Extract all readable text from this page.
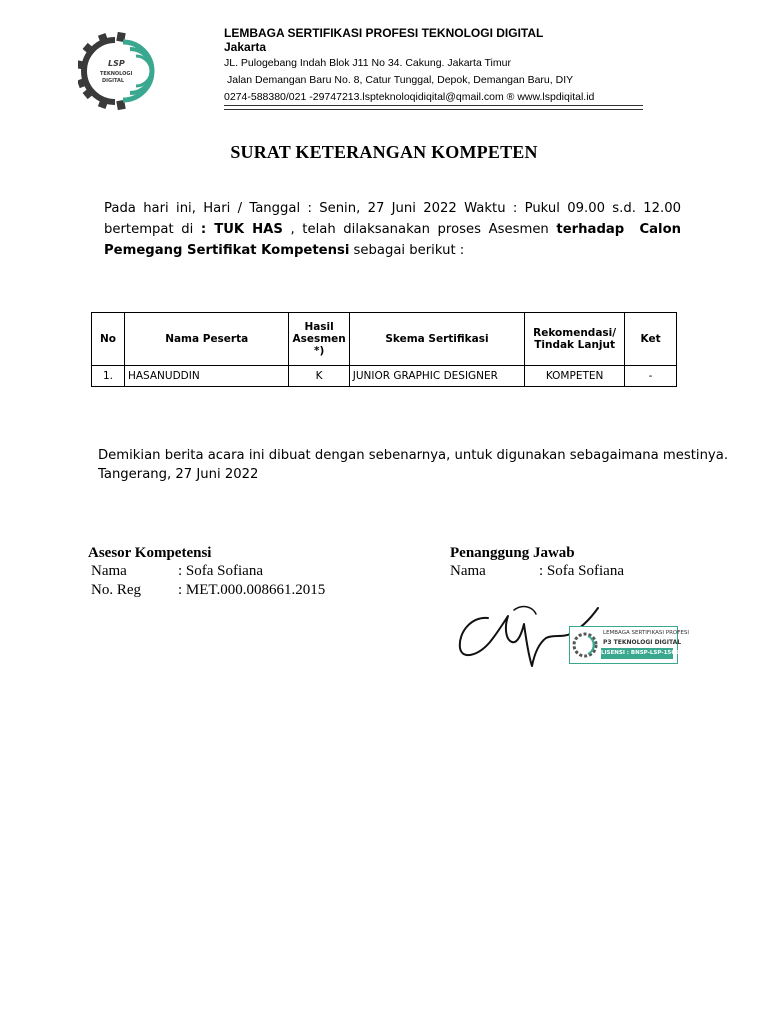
LSP
TEKNOLOGI
DIGITAL
LEMBAGA SERTIFIKASI PROFESI TEKNOLOGI DIGITAL
Jakarta
JL. Pulogebang Indah Blok J11 No 34. Cakung. Jakarta Timur
Jalan Demangan Baru No. 8, Catur Tunggal, Depok, Demangan Baru, DIY
0274-588380/021 -29747213.lspteknoloqidiqital@qmail.com ® www.lspdiqital.id
SURAT KETERANGAN KOMPETEN
Pada hari ini, Hari / Tanggal : Senin, 27 Juni 2022 Waktu : Pukul 09.00 s.d. 12.00 bertempat di : TUK HAS , telah dilaksanakan proses Asesmen terhadap Calon Pemegang Sertifikat Kompetensi sebagai berikut :
No	Nama Peserta	Hasil Asesmen *)	Skema Sertifikasi	Rekomendasi/ Tindak Lanjut	Ket
1.	HASANUDDIN	K	JUNIOR GRAPHIC DESIGNER	KOMPETEN	-
Demikian berita acara ini dibuat dengan sebenarnya, untuk digunakan sebagaimana mestinya.
Tangerang, 27 Juni 2022
Asesor Kompetensi
Nama	: Sofa Sofiana
No. Reg : MET.000.008661.2015
Penanggung Jawab
Nama	: Sofa Sofiana
LEMBAGA SERTIFIKASI PROFESI
P3 TEKNOLOGI DIGITAL
LISENSI : BNSP-LSP-1565-ID
